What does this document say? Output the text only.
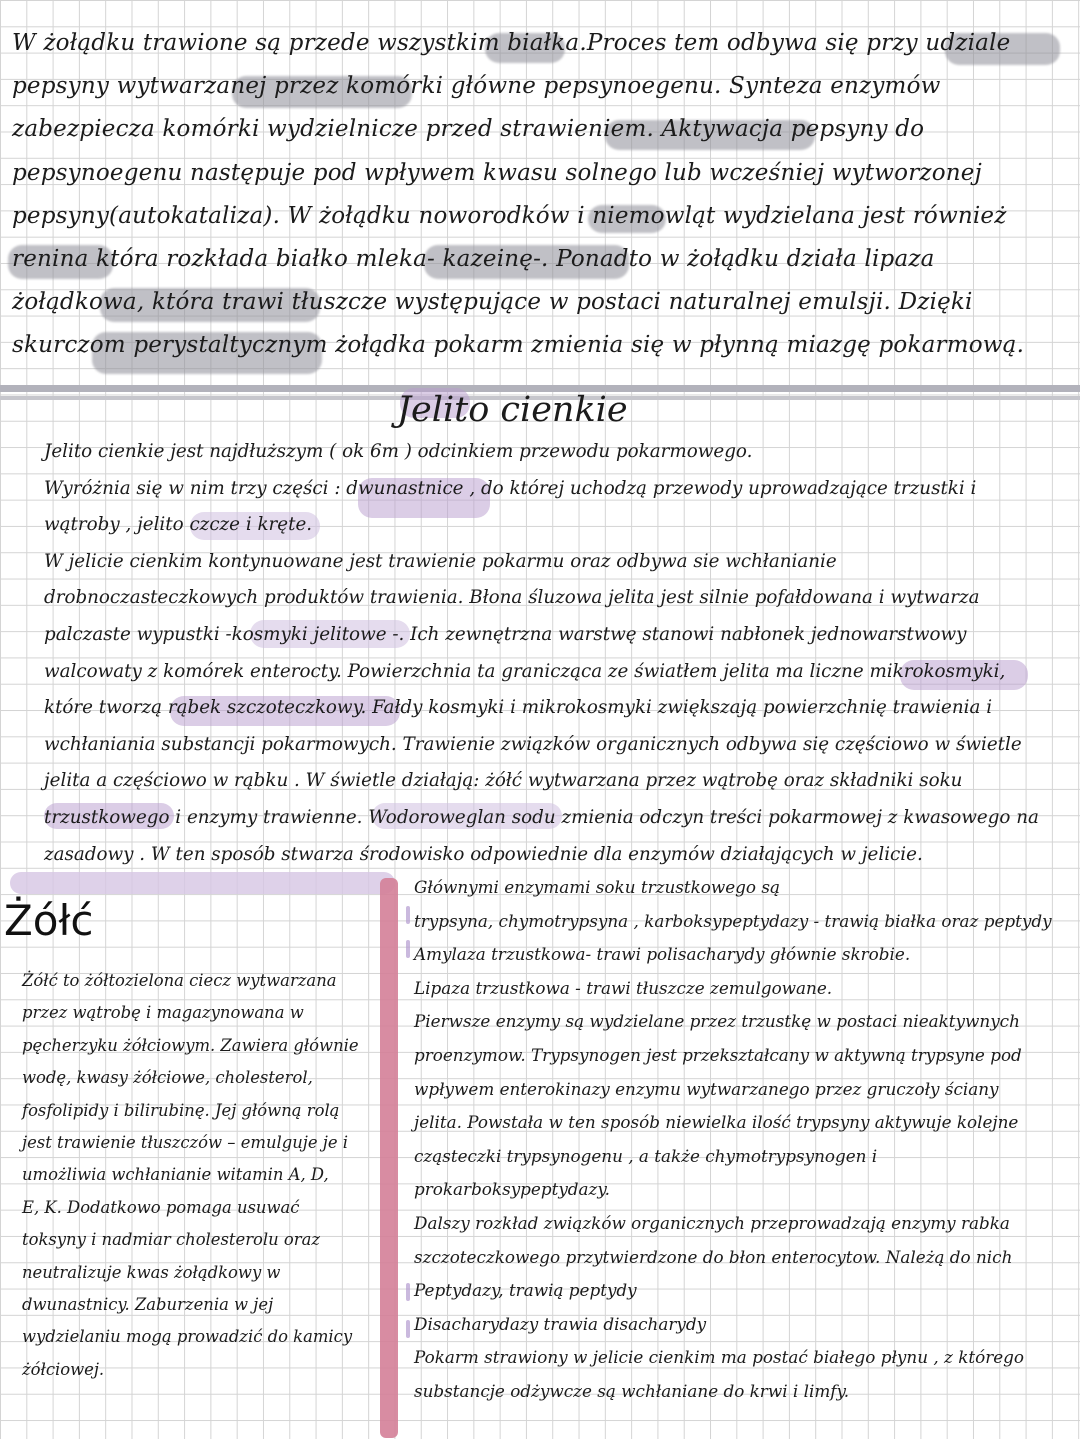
W żołądku trawione są przede wszystkim białka.Proces tem odbywa się przy udziale pepsyny wytwarzanej przez komórki główne pepsynoegenu. Synteza enzymów zabezpiecza komórki wydzielnicze przed strawieniem. Aktywacja pepsyny do pepsynoegenu następuje pod wpływem kwasu solnego lub wcześniej wytworzonej pepsyny(autokataliza). W żołądku noworodków i niemowląt wydzielana jest również renina która rozkłada białko mleka- kazeinę-. Ponadto w żołądku działa lipaza żołądkowa, która trawi tłuszcze występujące w postaci naturalnej emulsji. Dzięki skurczom perystaltycznym żołądka pokarm zmienia się w płynną miazgę pokarmową.

Jelito cienkie
Jelito cienkie jest najdłuższym ( ok 6m ) odcinkiem przewodu pokarmowego.
Wyróżnia się w nim trzy części : dwunastnice , do której uchodzą przewody uprowadzające trzustki i
wątroby , jelito czcze i kręte.
W jelicie cienkim kontynuowane jest trawienie pokarmu oraz odbywa sie wchłanianie
drobnoczasteczkowych produktów trawienia. Błona śluzowa jelita jest silnie pofałdowana i wytwarza
palczaste wypustki -kosmyki jelitowe -. Ich zewnętrzna warstwę stanowi nabłonek jednowarstwowy
walcowaty z komórek enterocty. Powierzchnia ta granicząca ze światłem jelita ma liczne mikrokosmyki,
które tworzą rąbek szczoteczkowy. Fałdy kosmyki i mikrokosmyki zwiększają powierzchnię trawienia i
wchłaniania substancji pokarmowych. Trawienie związków organicznych odbywa się częściowo w świetle
jelita a częściowo w rąbku . W świetle działają: żółć wytwarzana przez wątrobę oraz składniki soku
trzustkowego i enzymy trawienne. Wodoroweglan sodu zmienia odczyn treści pokarmowej z kwasowego na
zasadowy . W ten sposób stwarza środowisko odpowiednie dla enzymów działających w jelicie.
Żółć
Żółć to żółtozielona ciecz wytwarzana
przez wątrobę i magazynowana w
pęcherzyku żółciowym. Zawiera głównie
wodę, kwasy żółciowe, cholesterol,
fosfolipidy i bilirubinę. Jej główną rolą
jest trawienie tłuszczów – emulguje je i
umożliwia wchłanianie witamin A, D,
E, K. Dodatkowo pomaga usuwać
toksyny i nadmiar cholesterolu oraz
neutralizuje kwas żołądkowy w
dwunastnicy. Zaburzenia w jej
wydzielaniu mogą prowadzić do kamicy
żółciowej.
Głównymi enzymami soku trzustkowego są
trypsyna, chymotrypsyna , karboksypeptydazy - trawią białka oraz peptydy
Amylaza trzustkowa- trawi polisacharydy głównie skrobie.
Lipaza trzustkowa - trawi tłuszcze zemulgowane.
Pierwsze enzymy są wydzielane przez trzustkę w postaci nieaktywnych
proenzymow. Trypsynogen jest przekształcany w aktywną trypsyne pod
wpływem enterokinazy enzymu wytwarzanego przez gruczoły ściany
jelita. Powstała w ten sposób niewielka ilość trypsyny aktywuje kolejne
cząsteczki trypsynogenu , a także chymotrypsynogen i
prokarboksypeptydazy.
Dalszy rozkład związków organicznych przeprowadzają enzymy rabka
szczoteczkowego przytwierdzone do błon enterocytow. Należą do nich
Peptydazy, trawią peptydy
Disacharydazy trawia disacharydy
Pokarm strawiony w jelicie cienkim ma postać białego płynu , z którego
substancje odżywcze są wchłaniane do krwi i limfy.
